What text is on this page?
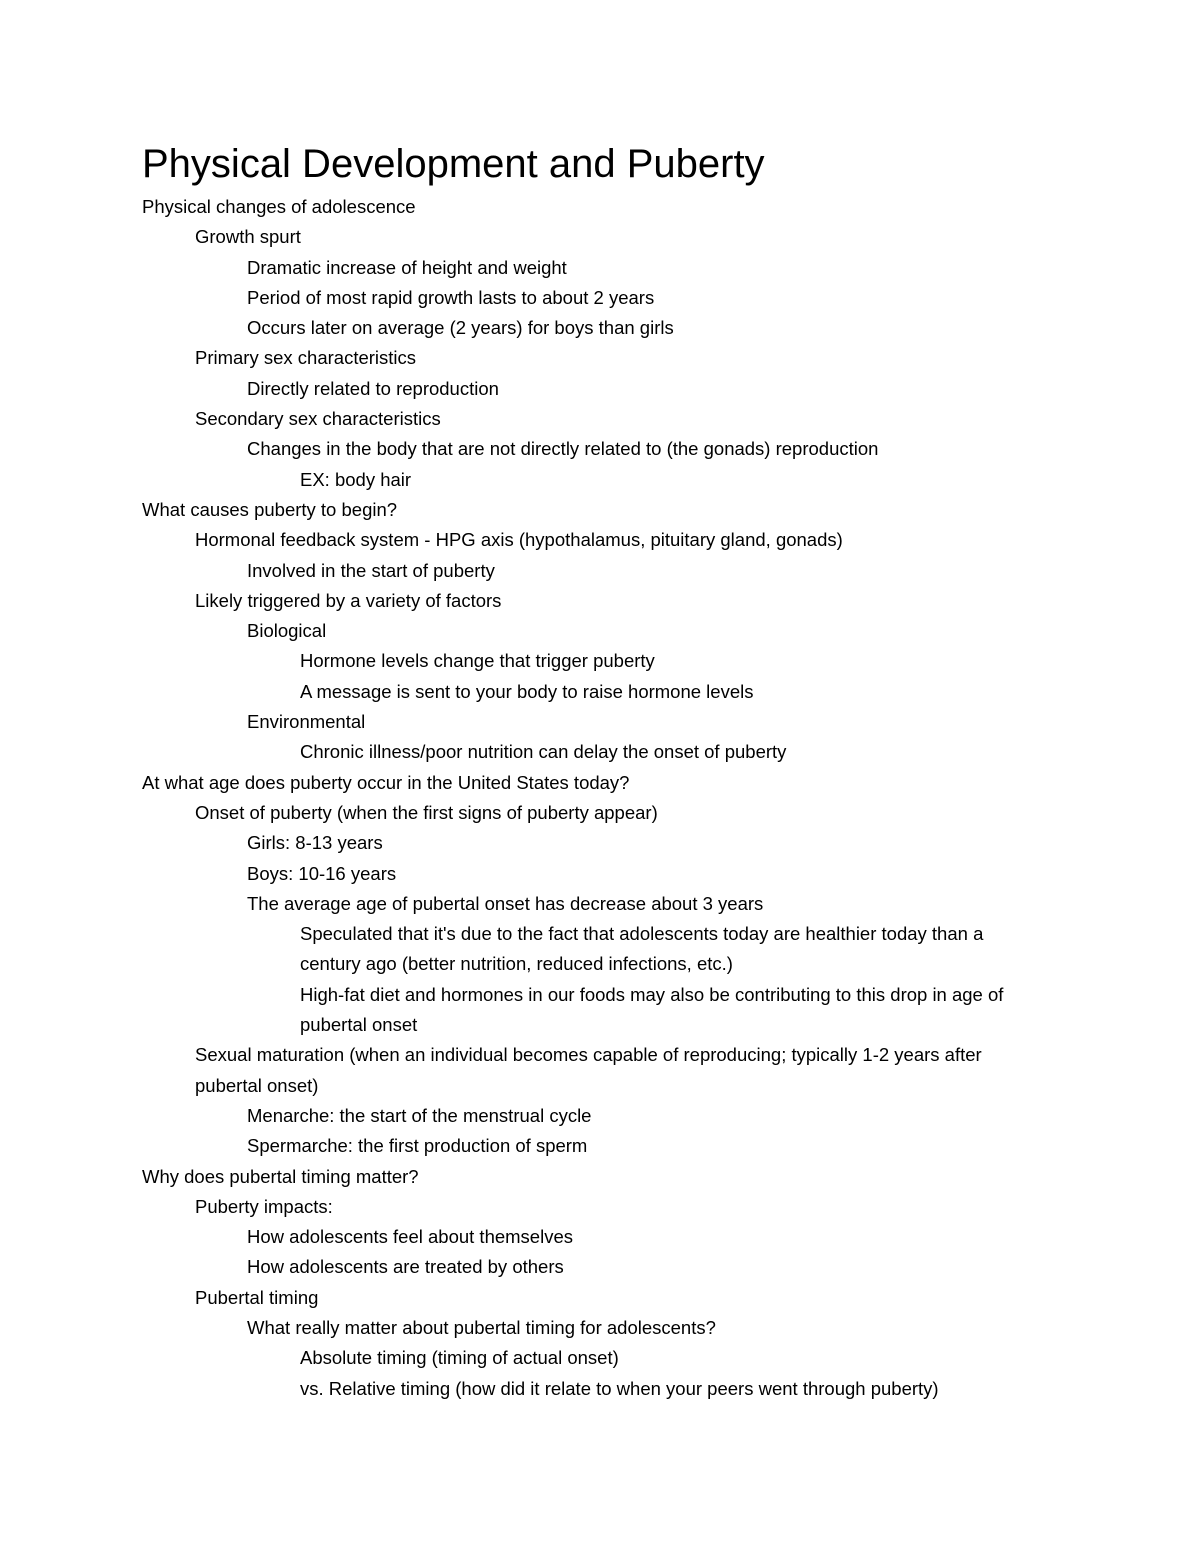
Physical Development and Puberty
Physical changes of adolescence
Growth spurt
Dramatic increase of height and weight
Period of most rapid growth lasts to about 2 years
Occurs later on average (2 years) for boys than girls
Primary sex characteristics
Directly related to reproduction
Secondary sex characteristics
Changes in the body that are not directly related to (the gonads) reproduction
EX: body hair
What causes puberty to begin?
Hormonal feedback system - HPG axis (hypothalamus, pituitary gland, gonads)
Involved in the start of puberty
Likely triggered by a variety of factors
Biological
Hormone levels change that trigger puberty
A message is sent to your body to raise hormone levels
Environmental
Chronic illness/poor nutrition can delay the onset of puberty
At what age does puberty occur in the United States today?
Onset of puberty (when the first signs of puberty appear)
Girls: 8-13 years
Boys: 10-16 years
The average age of pubertal onset has decrease about 3 years
Speculated that it's due to the fact that adolescents today are healthier today than a
century ago (better nutrition, reduced infections, etc.)
High-fat diet and hormones in our foods may also be contributing to this drop in age of
pubertal onset
Sexual maturation (when an individual becomes capable of reproducing; typically 1-2 years after
pubertal onset)
Menarche: the start of the menstrual cycle
Spermarche: the first production of sperm
Why does pubertal timing matter?
Puberty impacts:
How adolescents feel about themselves
How adolescents are treated by others
Pubertal timing
What really matter about pubertal timing for adolescents?
Absolute timing (timing of actual onset)
vs. Relative timing (how did it relate to when your peers went through puberty)
